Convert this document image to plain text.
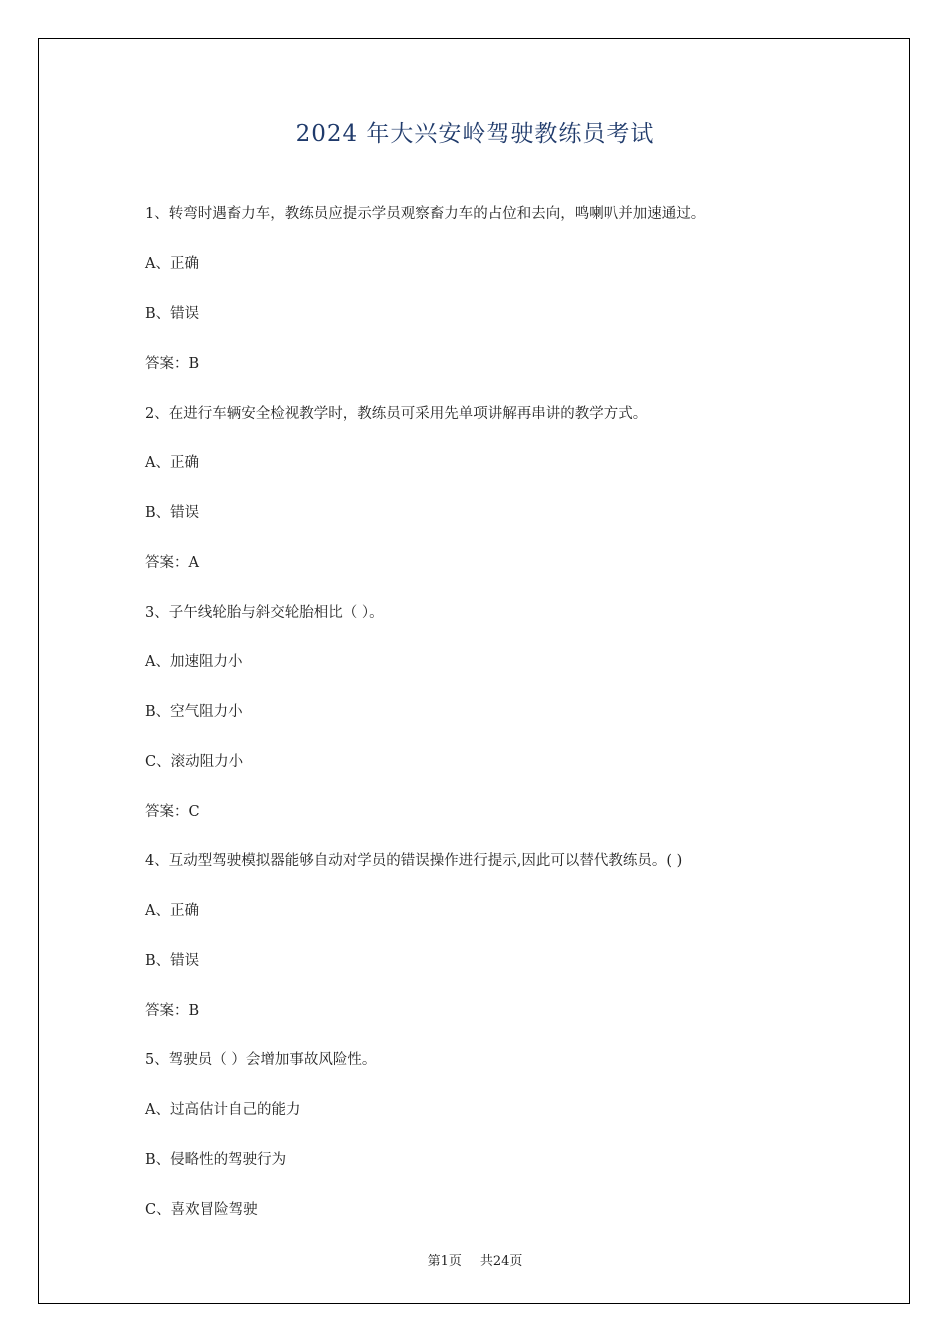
2024 年大兴安岭驾驶教练员考试
1、转弯时遇畜力车，教练员应提示学员观察畜力车的占位和去向，鸣喇叭并加速通过。
A、正确
B、错误
答案：B
2、在进行车辆安全检视教学时，教练员可采用先单项讲解再串讲的教学方式。
A、正确
B、错误
答案：A
3、子午线轮胎与斜交轮胎相比（ ）。
A、加速阻力小
B、空气阻力小
C、滚动阻力小
答案：C
4、互动型驾驶模拟器能够自动对学员的错误操作进行提示,因此可以替代教练员。( )
A、正确
B、错误
答案：B
5、驾驶员（ ）会增加事故风险性。
A、过高估计自己的能力
B、侵略性的驾驶行为
C、喜欢冒险驾驶
第1页 共24页
